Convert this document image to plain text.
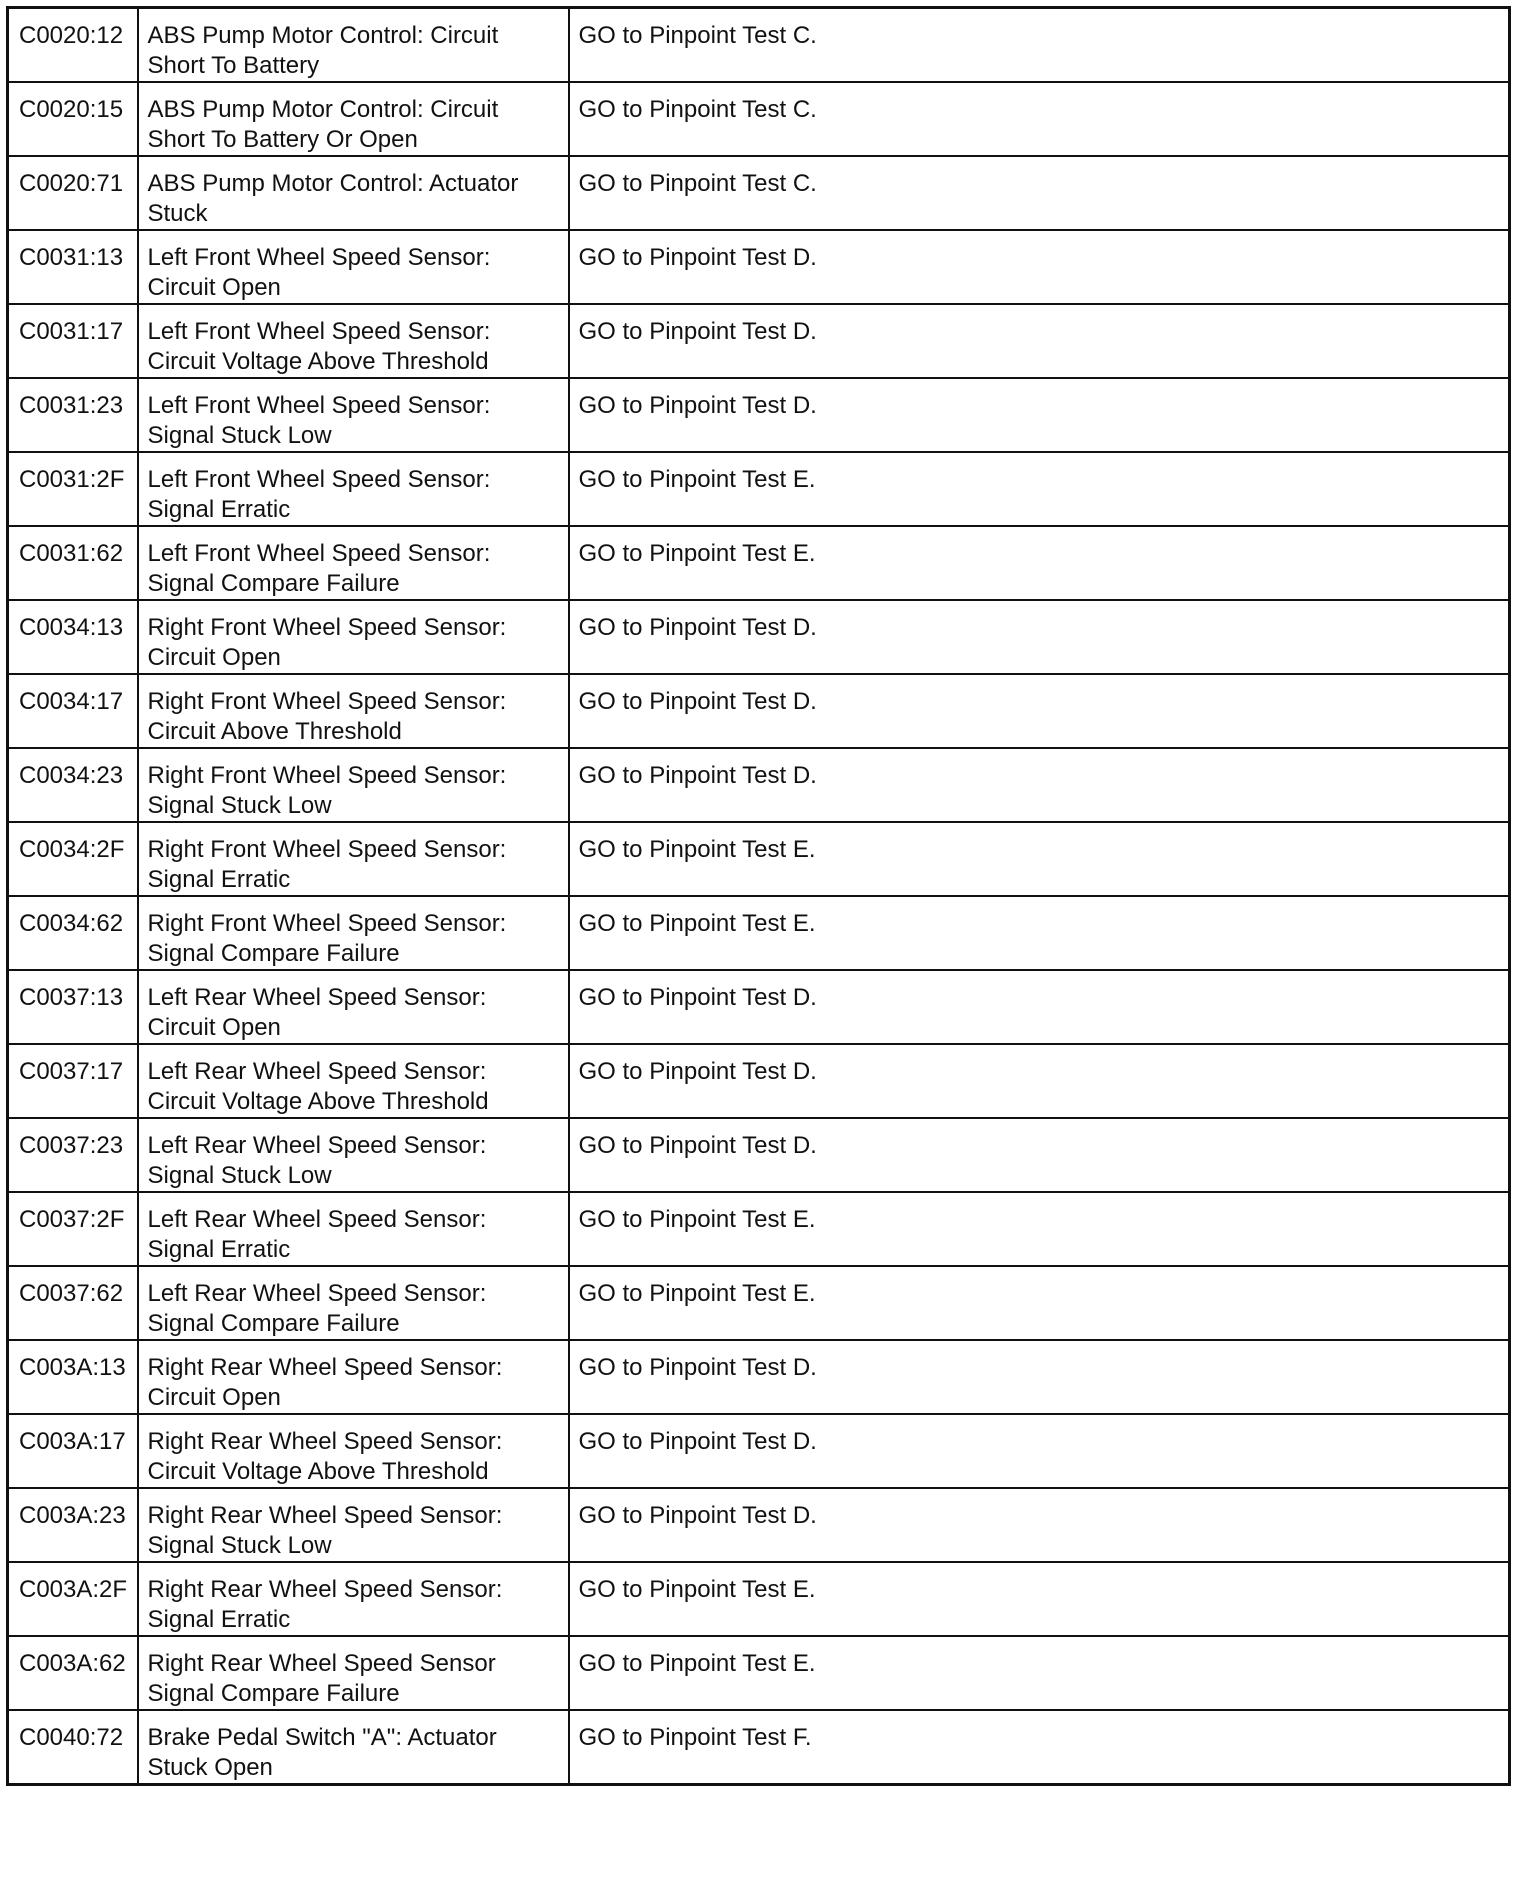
C0020:12	ABS Pump Motor Control: Circuit Short To Battery	GO to Pinpoint Test C.
C0020:15	ABS Pump Motor Control: Circuit Short To Battery Or Open	GO to Pinpoint Test C.
C0020:71	ABS Pump Motor Control: Actuator Stuck	GO to Pinpoint Test C.
C0031:13	Left Front Wheel Speed Sensor: Circuit Open	GO to Pinpoint Test D.
C0031:17	Left Front Wheel Speed Sensor: Circuit Voltage Above Threshold	GO to Pinpoint Test D.
C0031:23	Left Front Wheel Speed Sensor: Signal Stuck Low	GO to Pinpoint Test D.
C0031:2F	Left Front Wheel Speed Sensor: Signal Erratic	GO to Pinpoint Test E.
C0031:62	Left Front Wheel Speed Sensor: Signal Compare Failure	GO to Pinpoint Test E.
C0034:13	Right Front Wheel Speed Sensor: Circuit Open	GO to Pinpoint Test D.
C0034:17	Right Front Wheel Speed Sensor: Circuit Above Threshold	GO to Pinpoint Test D.
C0034:23	Right Front Wheel Speed Sensor: Signal Stuck Low	GO to Pinpoint Test D.
C0034:2F	Right Front Wheel Speed Sensor: Signal Erratic	GO to Pinpoint Test E.
C0034:62	Right Front Wheel Speed Sensor: Signal Compare Failure	GO to Pinpoint Test E.
C0037:13	Left Rear Wheel Speed Sensor: Circuit Open	GO to Pinpoint Test D.
C0037:17	Left Rear Wheel Speed Sensor: Circuit Voltage Above Threshold	GO to Pinpoint Test D.
C0037:23	Left Rear Wheel Speed Sensor: Signal Stuck Low	GO to Pinpoint Test D.
C0037:2F	Left Rear Wheel Speed Sensor: Signal Erratic	GO to Pinpoint Test E.
C0037:62	Left Rear Wheel Speed Sensor: Signal Compare Failure	GO to Pinpoint Test E.
C003A:13	Right Rear Wheel Speed Sensor: Circuit Open	GO to Pinpoint Test D.
C003A:17	Right Rear Wheel Speed Sensor: Circuit Voltage Above Threshold	GO to Pinpoint Test D.
C003A:23	Right Rear Wheel Speed Sensor: Signal Stuck Low	GO to Pinpoint Test D.
C003A:2F	Right Rear Wheel Speed Sensor: Signal Erratic	GO to Pinpoint Test E.
C003A:62	Right Rear Wheel Speed Sensor Signal Compare Failure	GO to Pinpoint Test E.
C0040:72	Brake Pedal Switch "A": Actuator Stuck Open	GO to Pinpoint Test F.
